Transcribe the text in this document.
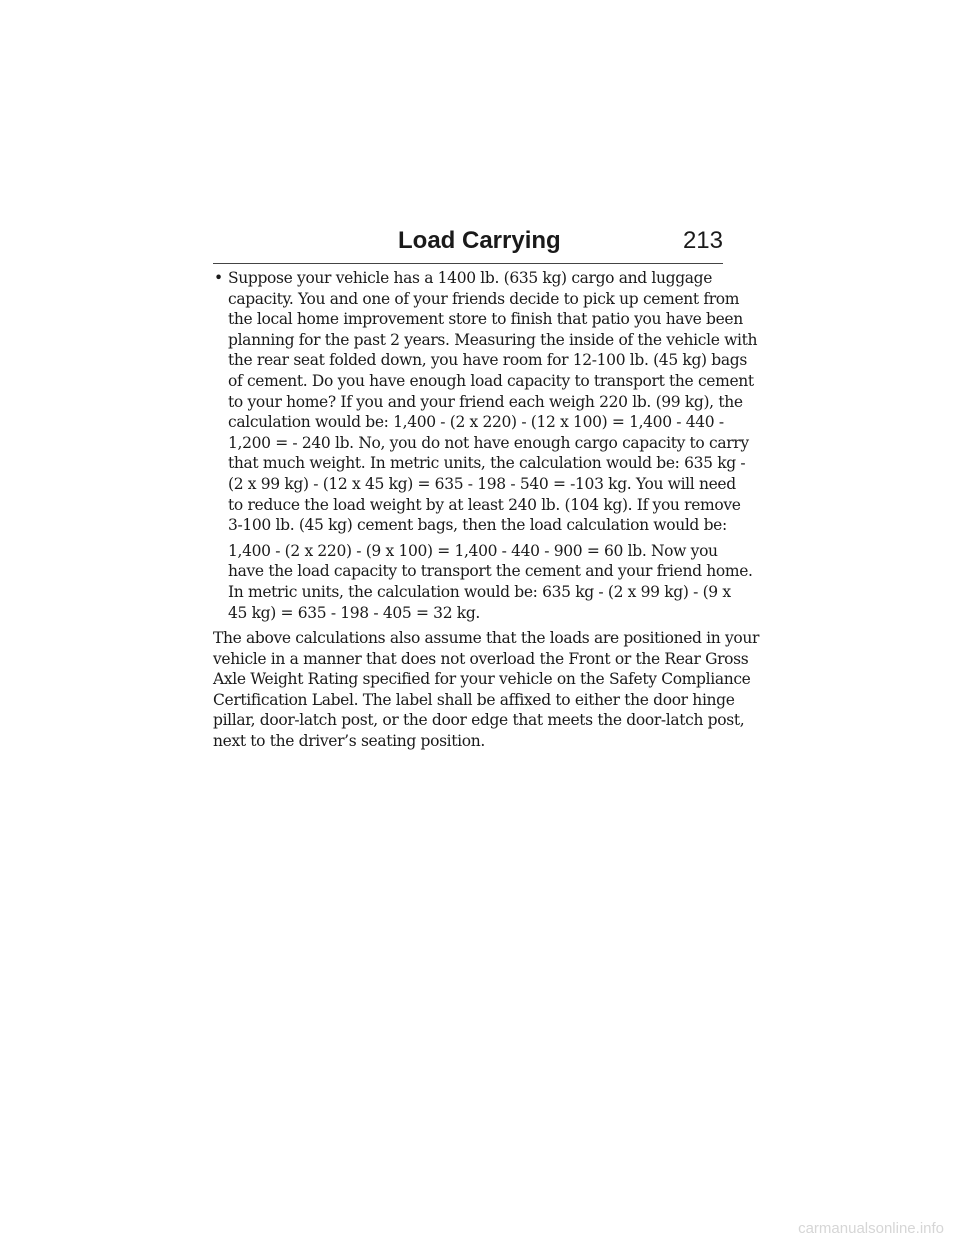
Load Carrying	213
• Suppose your vehicle has a 1400 lb. (635 kg) cargo and luggage
capacity. You and one of your friends decide to pick up cement from
the local home improvement store to finish that patio you have been
planning for the past 2 years. Measuring the inside of the vehicle with
the rear seat folded down, you have room for 12-100 lb. (45 kg) bags
of cement. Do you have enough load capacity to transport the cement
to your home? If you and your friend each weigh 220 lb. (99 kg), the
calculation would be: 1,400 - (2 x 220) - (12 x 100) = 1,400 - 440 -
1,200 = - 240 lb. No, you do not have enough cargo capacity to carry
that much weight. In metric units, the calculation would be: 635 kg -
(2 x 99 kg) - (12 x 45 kg) = 635 - 198 - 540 = -103 kg. You will need
to reduce the load weight by at least 240 lb. (104 kg). If you remove
3-100 lb. (45 kg) cement bags, then the load calculation would be:
1,400 - (2 x 220) - (9 x 100) = 1,400 - 440 - 900 = 60 lb. Now you
have the load capacity to transport the cement and your friend home.
In metric units, the calculation would be: 635 kg - (2 x 99 kg) - (9 x
45 kg) = 635 - 198 - 405 = 32 kg.
The above calculations also assume that the loads are positioned in your
vehicle in a manner that does not overload the Front or the Rear Gross
Axle Weight Rating specified for your vehicle on the Safety Compliance
Certification Label. The label shall be affixed to either the door hinge
pillar, door-latch post, or the door edge that meets the door-latch post,
next to the driver’s seating position.
carmanualsonline.info
